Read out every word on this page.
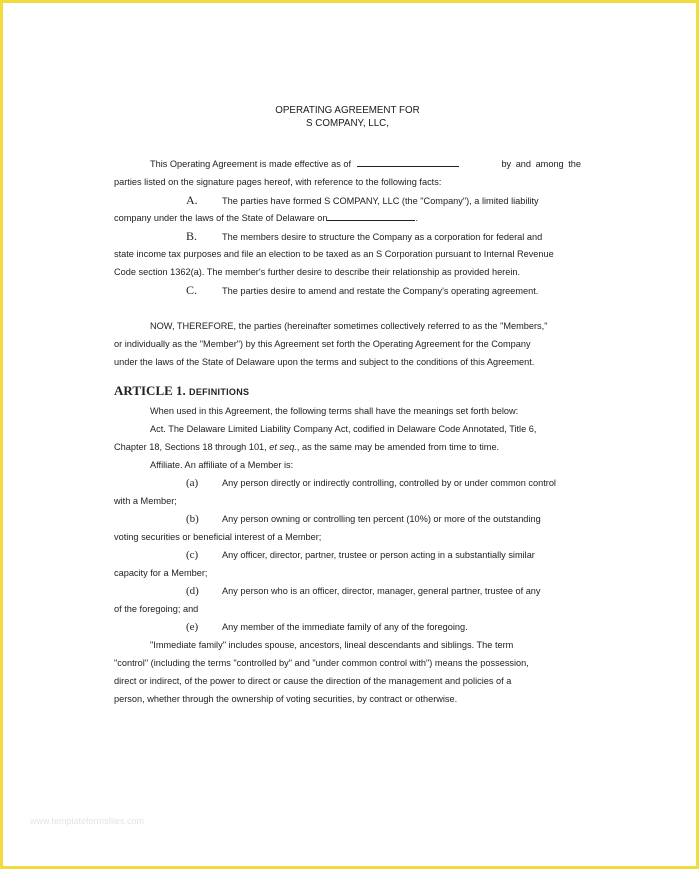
OPERATING AGREEMENT FOR
S COMPANY, LLC,
This Operating Agreement is made effective as of	by and among the
parties listed on the signature pages hereof, with reference to the following facts:
A.	The parties have formed S COMPANY, LLC (the "Company"), a limited liability
company under the laws of the State of Delaware on	.
B.	The members desire to structure the Company as a corporation for federal and
state income tax purposes and file an election to be taxed as an S Corporation pursuant to Internal Revenue
Code section 1362(a). The member's further desire to describe their relationship as provided herein.
C.	The parties desire to amend and restate the Company's operating agreement.
NOW, THEREFORE, the parties (hereinafter sometimes collectively referred to as the "Members,"
or individually as the "Member") by this Agreement set forth the Operating Agreement for the Company
under the laws of the State of Delaware upon the terms and subject to the conditions of this Agreement.
ARTICLE 1. DEFINITIONS
When used in this Agreement, the following terms shall have the meanings set forth below:
Act. The Delaware Limited Liability Company Act, codified in Delaware Code Annotated, Title 6,
Chapter 18, Sections 18 through 101, et seq., as the same may be amended from time to time.
Affiliate. An affiliate of a Member is:
(a)	Any person directly or indirectly controlling, controlled by or under common control
with a Member;
(b)	Any person owning or controlling ten percent (10%) or more of the outstanding
voting securities or beneficial interest of a Member;
(c)	Any officer, director, partner, trustee or person acting in a substantially similar
capacity for a Member;
(d)	Any person who is an officer, director, manager, general partner, trustee of any
of the foregoing; and
(e)	Any member of the immediate family of any of the foregoing.
"Immediate family" includes spouse, ancestors, lineal descendants and siblings. The term
"control" (including the terms "controlled by" and "under common control with") means the possession,
direct or indirect, of the power to direct or cause the direction of the management and policies of a
person, whether through the ownership of voting securities, by contract or otherwise.
www.templateformsfiles.com
